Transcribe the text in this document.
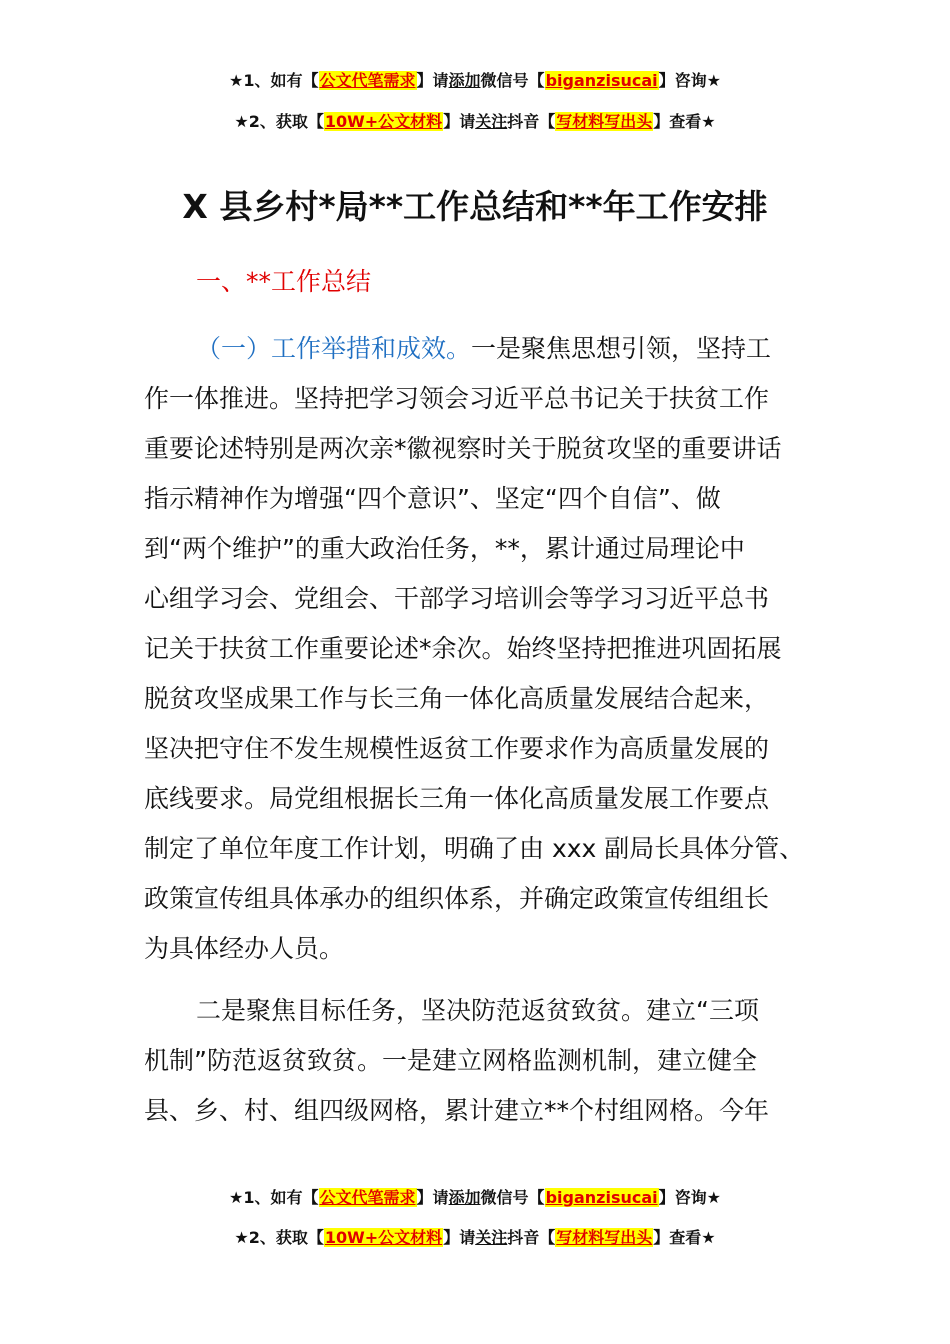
★1、如有【公文代笔需求】请添加微信号【biganzisucai】咨询★
★2、获取【10W+公文材料】请关注抖音【写材料写出头】查看★
X 县乡村*局**工作总结和**年工作安排
一、**工作总结
（一）工作举措和成效。一是聚焦思想引领，坚持工
作一体推进。坚持把学习领会习近平总书记关于扶贫工作
重要论述特别是两次亲*徽视察时关于脱贫攻坚的重要讲话
指示精神作为增强“四个意识”、坚定“四个自信”、做
到“两个维护”的重大政治任务，**，累计通过局理论中
心组学习会、党组会、干部学习培训会等学习习近平总书
记关于扶贫工作重要论述*余次。始终坚持把推进巩固拓展
脱贫攻坚成果工作与长三角一体化高质量发展结合起来，
坚决把守住不发生规模性返贫工作要求作为高质量发展的
底线要求。局党组根据长三角一体化高质量发展工作要点
制定了单位年度工作计划，明确了由 xxx 副局长具体分管、
政策宣传组具体承办的组织体系，并确定政策宣传组组长
为具体经办人员。
二是聚焦目标任务，坚决防范返贫致贫。建立“三项
机制”防范返贫致贫。一是建立网格监测机制，建立健全
县、乡、村、组四级网格，累计建立**个村组网格。今年
★1、如有【公文代笔需求】请添加微信号【biganzisucai】咨询★
★2、获取【10W+公文材料】请关注抖音【写材料写出头】查看★
